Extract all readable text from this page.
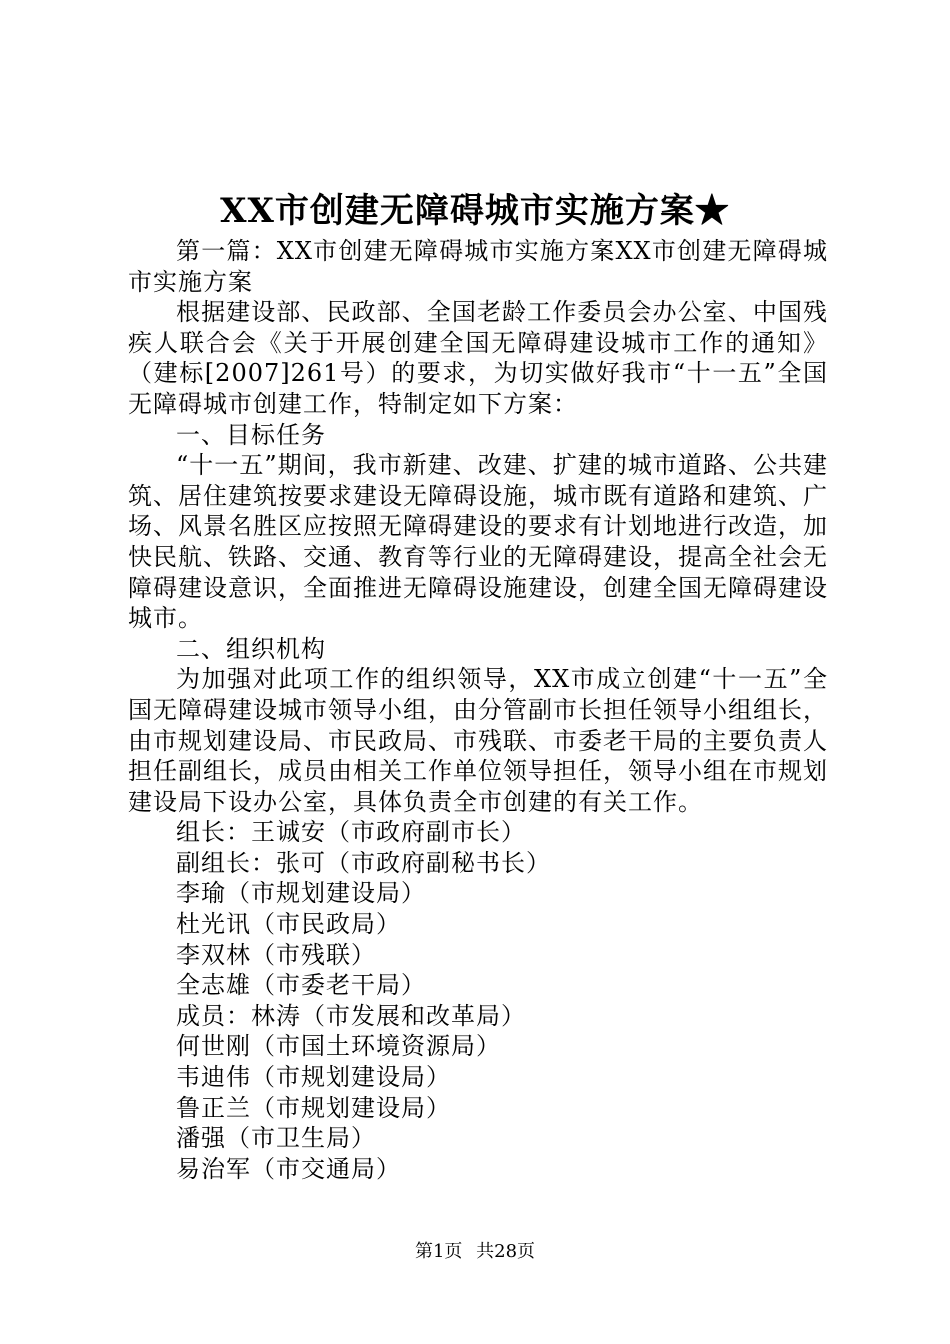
XX市创建无障碍城市实施方案★

第一篇：XX市创建无障碍城市实施方案XX市创建无障碍城市实施方案

根据建设部、民政部、全国老龄工作委员会办公室、中国残疾人联合会《关于开展创建全国无障碍建设城市工作的通知》（建标[2007]261号）的要求，为切实做好我市“十一五”全国无障碍城市创建工作，特制定如下方案：

一、目标任务

“十一五”期间，我市新建、改建、扩建的城市道路、公共建筑、居住建筑按要求建设无障碍设施，城市既有道路和建筑、广场、风景名胜区应按照无障碍建设的要求有计划地进行改造，加快民航、铁路、交通、教育等行业的无障碍建设，提高全社会无障碍建设意识，全面推进无障碍设施建设，创建全国无障碍建设城市。

二、组织机构

为加强对此项工作的组织领导，XX市成立创建“十一五”全国无障碍建设城市领导小组，由分管副市长担任领导小组组长，由市规划建设局、市民政局、市残联、市委老干局的主要负责人担任副组长，成员由相关工作单位领导担任，领导小组在市规划建设局下设办公室，具体负责全市创建的有关工作。

组长：王诚安（市政府副市长）

副组长：张可（市政府副秘书长）

李瑜（市规划建设局）

杜光讯（市民政局）

李双林（市残联）

全志雄（市委老干局）

成员：林涛（市发展和改革局）

何世刚（市国土环境资源局）

韦迪伟（市规划建设局）

鲁正兰（市规划建设局）

潘强（市卫生局）

易治军（市交通局）

第1页 共28页
